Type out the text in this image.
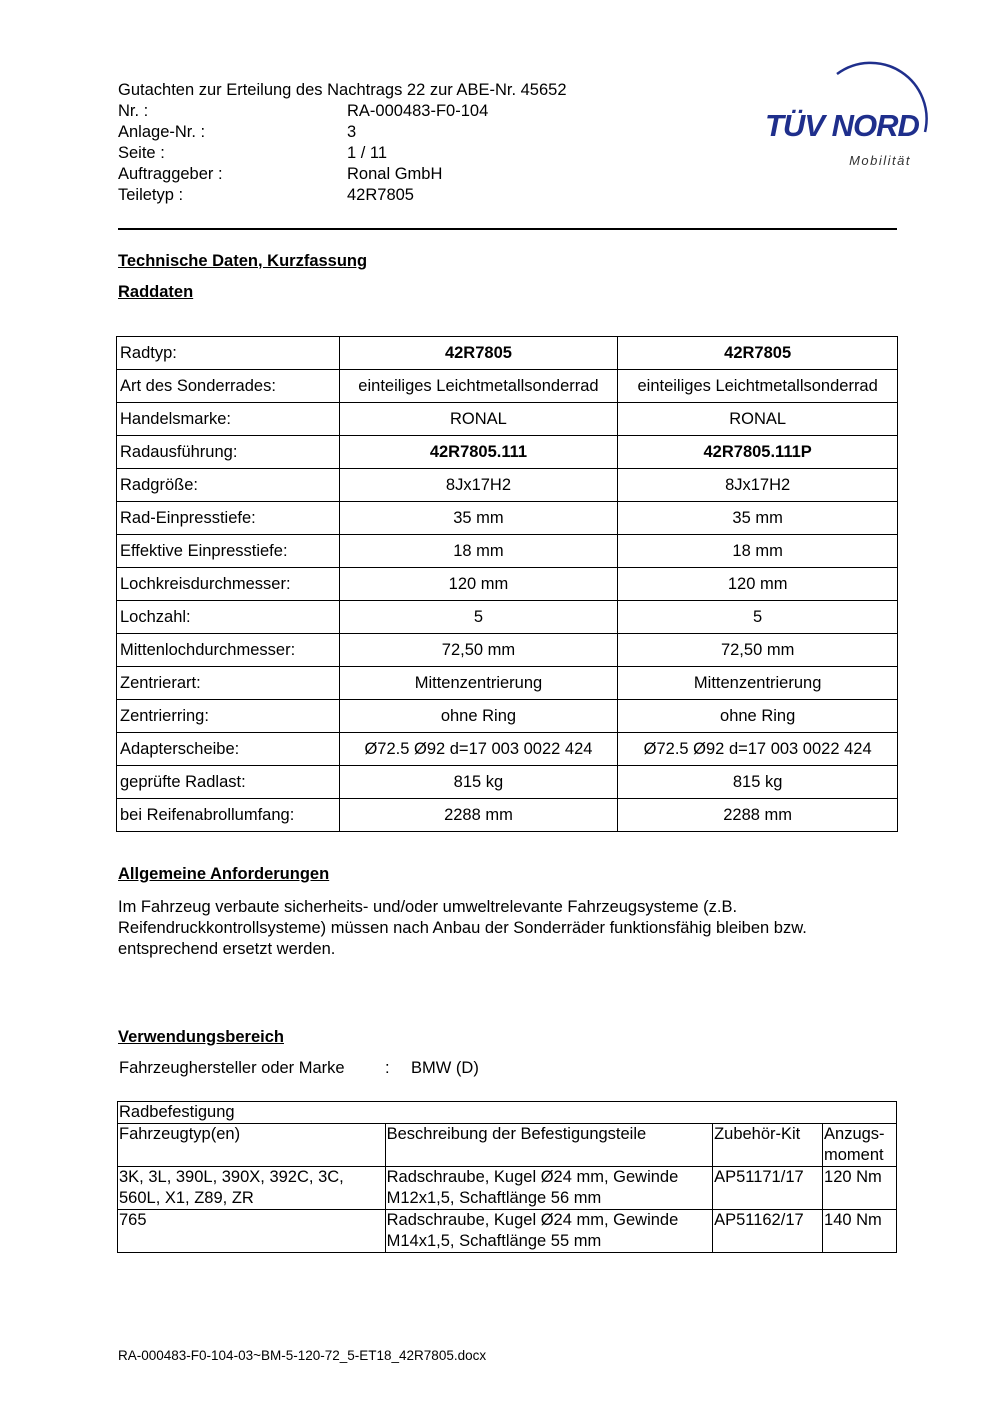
Gutachten zur Erteilung des Nachtrags 22 zur ABE-Nr. 45652
Nr. :	RA-000483-F0-104
Anlage-Nr. :	3
Seite :	1 / 11
Auftraggeber :	Ronal GmbH
Teiletyp :	42R7805
TÜV NORD
Mobilität
Technische Daten, Kurzfassung
Raddaten
Radtyp:	42R7805	42R7805
Art des Sonderrades:	einteiliges Leichtmetallsonderrad	einteiliges Leichtmetallsonderrad
Handelsmarke:	RONAL	RONAL
Radausführung:	42R7805.111	42R7805.111P
Radgröße:	8Jx17H2	8Jx17H2
Rad-Einpresstiefe:	35 mm	35 mm
Effektive Einpresstiefe:	18 mm	18 mm
Lochkreisdurchmesser:	120 mm	120 mm
Lochzahl:	5	5
Mittenlochdurchmesser:	72,50 mm	72,50 mm
Zentrierart:	Mittenzentrierung	Mittenzentrierung
Zentrierring:	ohne Ring	ohne Ring
Adapterscheibe:	Ø72.5 Ø92 d=17 003 0022 424	Ø72.5 Ø92 d=17 003 0022 424
geprüfte Radlast:	815 kg	815 kg
bei Reifenabrollumfang:	2288 mm	2288 mm
Allgemeine Anforderungen
Im Fahrzeug verbaute sicherheits- und/oder umweltrelevante Fahrzeugsysteme (z.B. Reifendruckkontrollsysteme) müssen nach Anbau der Sonderräder funktionsfähig bleiben bzw. entsprechend ersetzt werden.
Verwendungsbereich
Fahrzeughersteller oder Marke	:	BMW (D)
Radbefestigung			
Fahrzeugtyp(en)	Beschreibung der Befestigungsteile	Zubehör-Kit	Anzugs-moment
3K, 3L, 390L, 390X, 392C, 3C, 560L, X1, Z89, ZR	Radschraube, Kugel Ø24 mm, Gewinde M12x1,5, Schaftlänge 56 mm	AP51171/17	120 Nm
765	Radschraube, Kugel Ø24 mm, Gewinde M14x1,5, Schaftlänge 55 mm	AP51162/17	140 Nm
RA-000483-F0-104-03~BM-5-120-72_5-ET18_42R7805.docx
